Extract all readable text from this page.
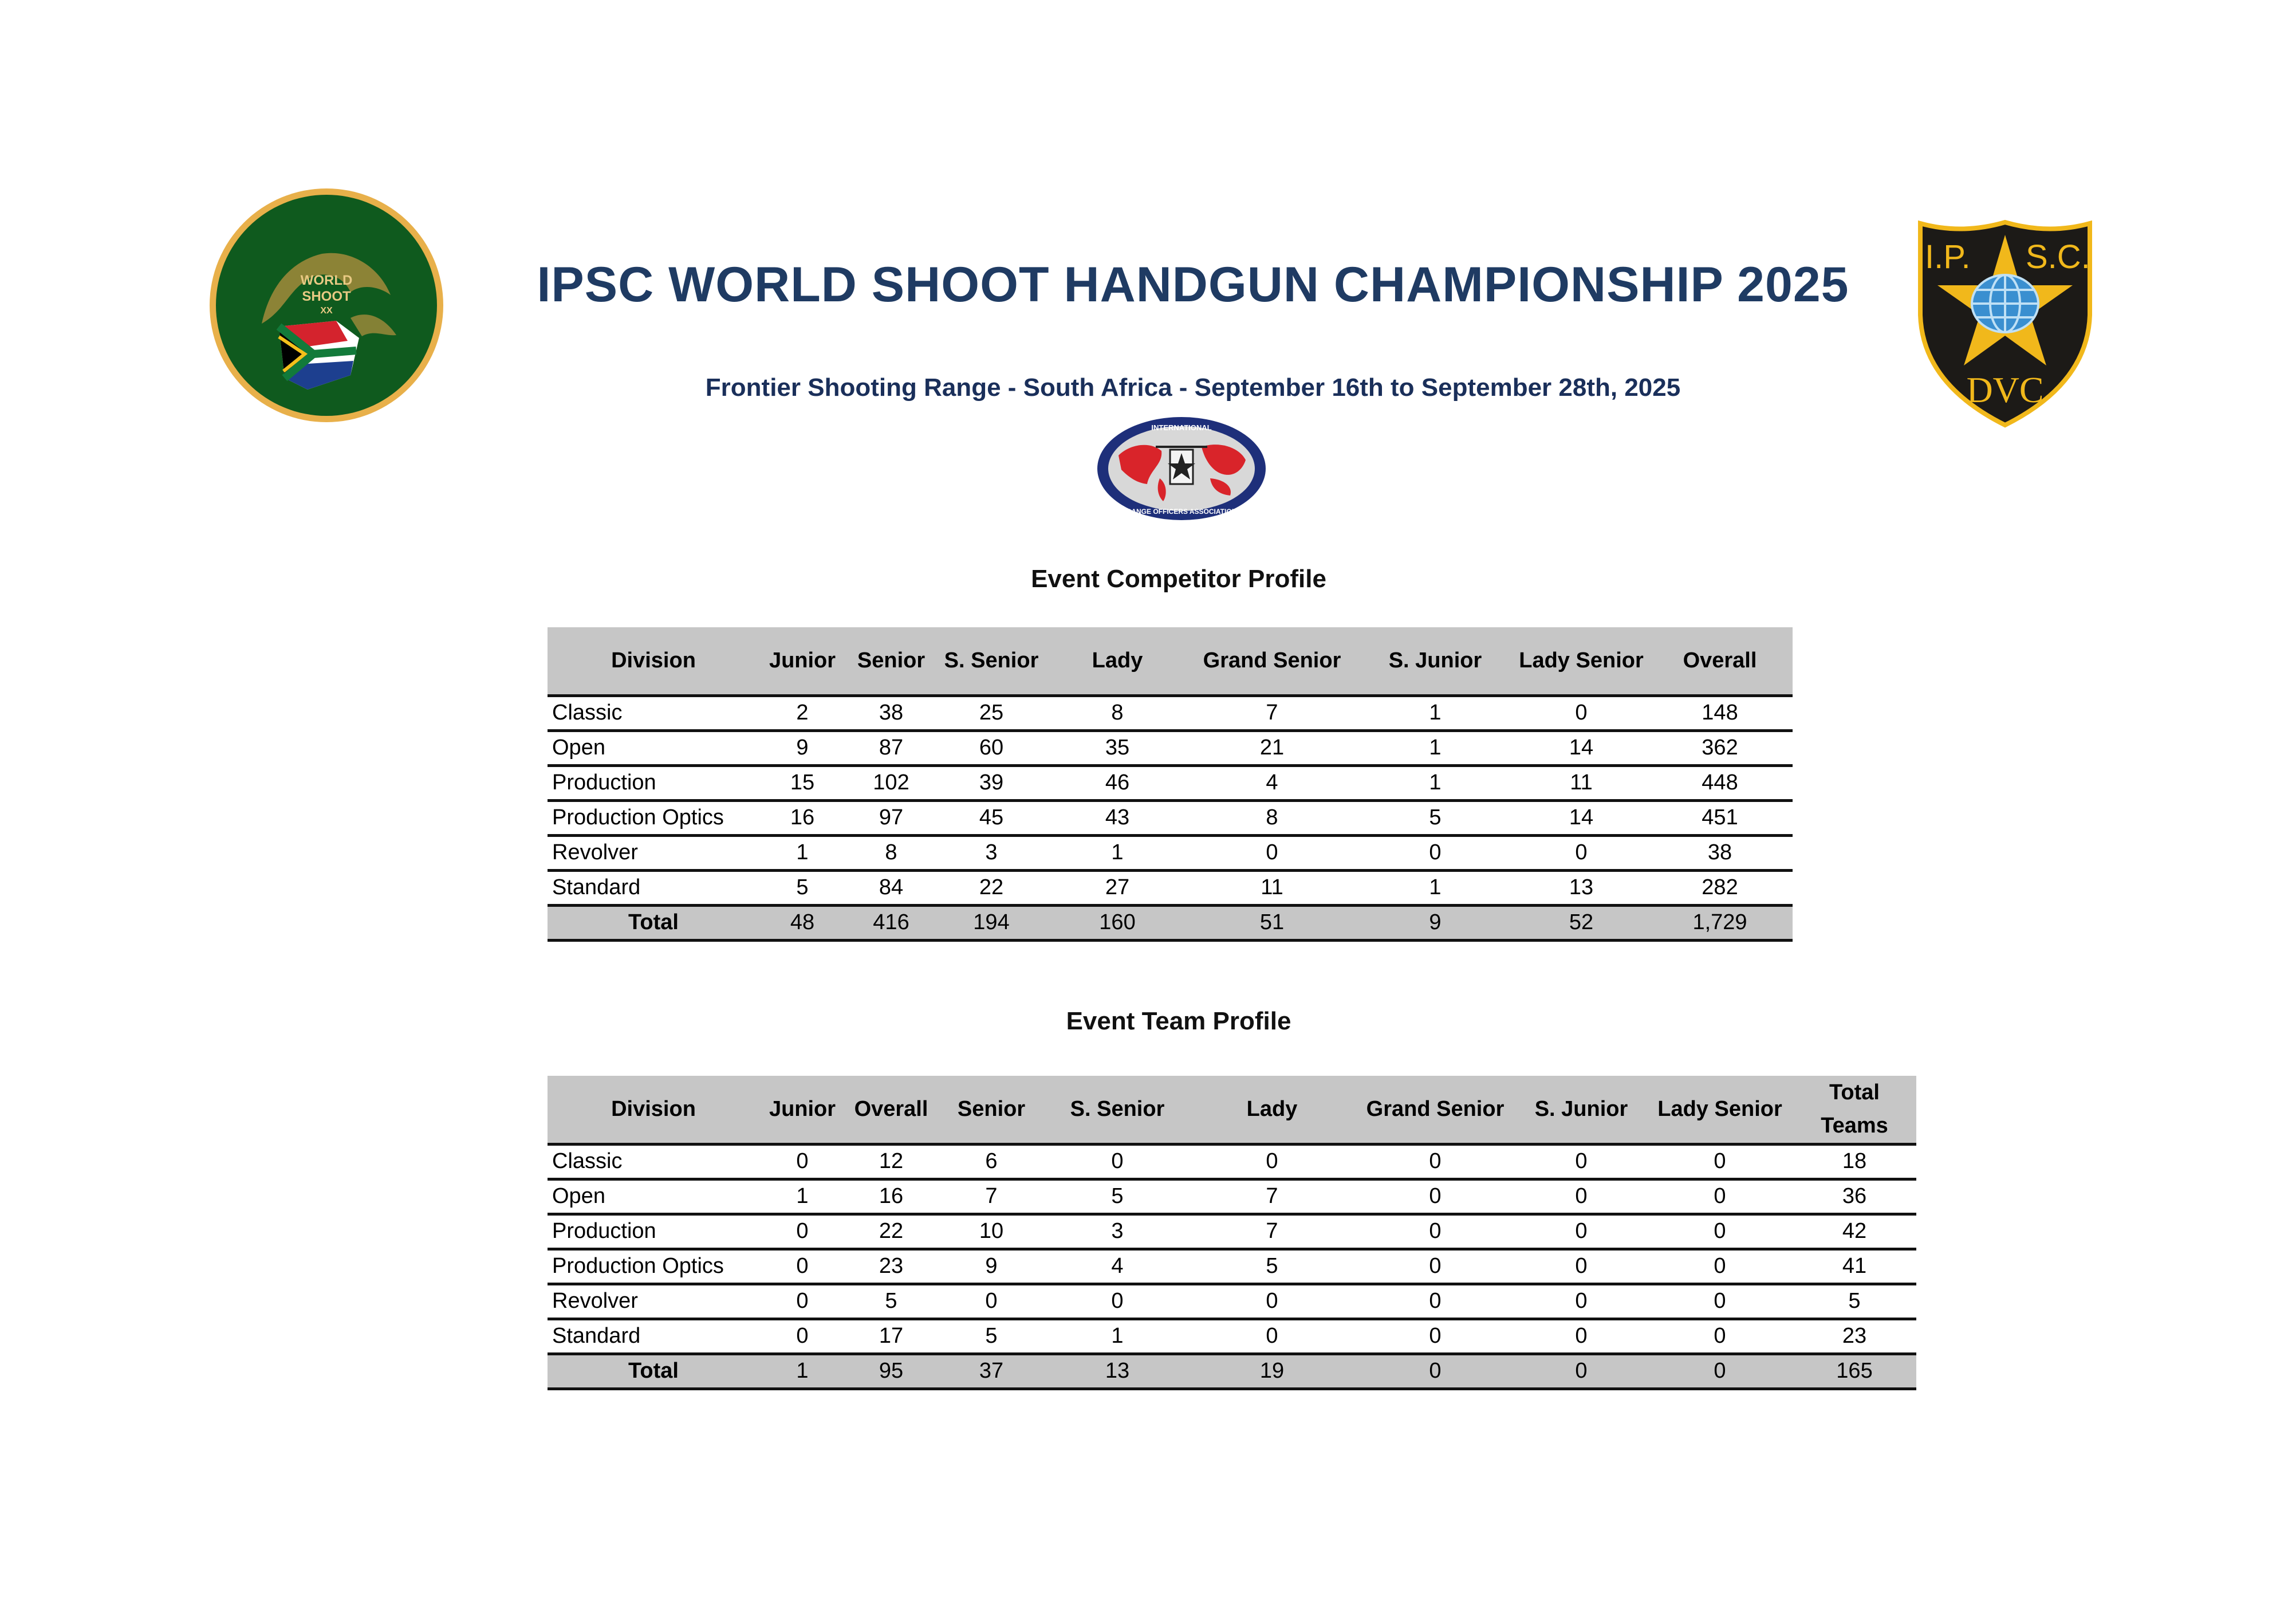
WORLD
SHOOT
XX
I.P. S.C.
DVC
INTERNATIONAL
RANGE OFFICERS ASSOCIATION
IPSC WORLD SHOOT HANDGUN CHAMPIONSHIP 2025
Frontier Shooting Range - South Africa - September 16th to September 28th, 2025
Event Competitor Profile
Division	Junior	Senior	S. Senior	Lady	Grand Senior	S. Junior	Lady Senior	Overall
Classic	2	38	25	8	7	1	0	148
Open	9	87	60	35	21	1	14	362
Production	15	102	39	46	4	1	11	448
Production Optics	16	97	45	43	8	5	14	451
Revolver	1	8	3	1	0	0	0	38
Standard	5	84	22	27	11	1	13	282
Total	48	416	194	160	51	9	52	1,729
Event Team Profile
Division	Junior	Overall	Senior	S. Senior	Lady	Grand Senior	S. Junior	Lady Senior	Total Teams
Classic	0	12	6	0	0	0	0	0	18
Open	1	16	7	5	7	0	0	0	36
Production	0	22	10	3	7	0	0	0	42
Production Optics	0	23	9	4	5	0	0	0	41
Revolver	0	5	0	0	0	0	0	0	5
Standard	0	17	5	1	0	0	0	0	23
Total	1	95	37	13	19	0	0	0	165
